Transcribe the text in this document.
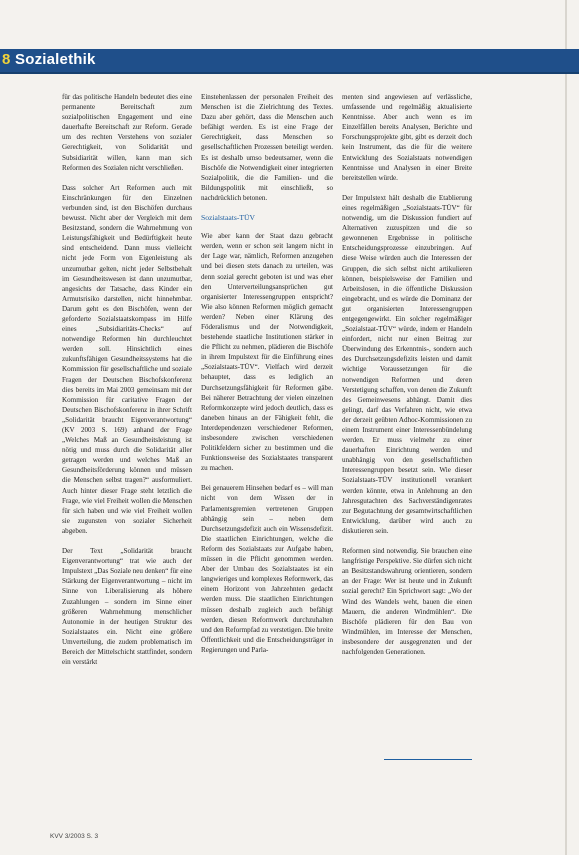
8 Sozialethik

für das politische Handeln bedeutet dies eine permanente Bereitschaft zum sozialpolitischen Engagement und eine dauerhafte Bereitschaft zur Reform. Gerade um des rechten Verstehens von sozialer Gerechtigkeit, von Solidarität und Subsidiarität willen, kann man sich Reformen des Sozialen nicht verschließen.

Dass solcher Art Reformen auch mit Einschränkungen für den Einzelnen verbunden sind, ist den Bischöfen durchaus bewusst. Nicht aber der Vergleich mit dem Besitzstand, sondern die Wahrnehmung von Leistungsfähigkeit und Bedürftigkeit heute sind entscheidend. Dann muss vielleicht nicht jede Form von Eigenleistung als unzumutbar gelten, nicht jeder Selbstbehalt im Gesundheitswesen ist dann unzumutbar, angesichts der Tatsache, dass Kinder ein Armutsrisiko darstellen, nicht hinnehmbar. Darum geht es den Bischöfen, wenn der geforderte Sozialstaatskompass im Hilfe eines „Subsidiaritäts-Checks“ auf notwendige Reformen hin durchleuchtet werden soll. Hinsichtlich eines zukunftsfähigen Gesundheitssystems hat die Kommission für gesellschaftliche und soziale Fragen der Deutschen Bischofskonferenz dies bereits im Mai 2003 gemeinsam mit der Kommission für caritative Fragen der Deutschen Bischofskonferenz in ihrer Schrift „Solidarität braucht Eigenverantwortung“ (KV 2003 S. 169) anhand der Frage „Welches Maß an Gesundheitsleistung ist nötig und muss durch die Solidarität aller getragen werden und welches Maß an Gesundheitsförderung können und müssen die Menschen selbst tragen?“ ausformuliert. Auch hinter dieser Frage steht letztlich die Frage, wie viel Freiheit wollen die Menschen für sich haben und wie viel Freiheit wollen sie zugunsten von sozialer Sicherheit abgeben.

Der Text „Solidarität braucht Eigenverantwortung“ trat wie auch der Impulstext „Das Soziale neu denken“ für eine Stärkung der Eigenverantwortung – nicht im Sinne von Liberalisierung als höhere Zuzahlungen – sondern im Sinne einer größeren Wahrnehmung menschlicher Autonomie in der heutigen Struktur des Sozialstaates ein. Nicht eine größere Umverteilung, die zudem problematisch im Bereich der Mittelschicht stattfindet, sondern ein verstärkt

Einstehenlassen der personalen Freiheit des Menschen ist die Zielrichtung des Textes. Dazu aber gehört, dass die Menschen auch befähigt werden. Es ist eine Frage der Gerechtigkeit, dass Menschen so gesellschaftlichen Prozessen beteiligt werden. Es ist deshalb umso bedeutsamer, wenn die Bischöfe die Notwendigkeit einer integrierten Sozialpolitik, die die Familien- und die Bildungspolitik mit einschließt, so nachdrücklich betonen.

Sozialstaats-TÜV

Wie aber kann der Staat dazu gebracht werden, wenn er schon seit langem nicht in der Lage war, nämlich, Reformen anzugehen und bei diesen stets danach zu urteilen, was denn sozial gerecht geboten ist und was eher den Unterverteilungsansprüchen gut organisierter Interessengruppen entspricht? Wie also können Reformen möglich gemacht werden? Neben einer Klärung des Föderalismus und der Notwendigkeit, bestehende staatliche Institutionen stärker in die Pflicht zu nehmen, plädieren die Bischöfe in ihrem Impulstext für die Einführung eines „Sozialstaats-TÜV“. Vielfach wird derzeit behauptet, dass es lediglich an Durchsetzungsfähigkeit für Reformen gäbe. Bei näherer Betrachtung der vielen einzelnen Reformkonzepte wird jedoch deutlich, dass es daneben hinaus an der Fähigkeit fehlt, die Interdependenzen verschiedener Reformen, insbesondere zwischen verschiedenen Politikfeldern sicher zu bestimmen und die Funktionsweise des Sozialstaates transparent zu machen.

Bei genauerem Hinsehen bedarf es – will man nicht von dem Wissen der in Parlamentsgremien vertretenen Gruppen abhängig sein – neben dem Durchsetzungsdefizit auch ein Wissensdefizit. Die staatlichen Einrichtungen, welche die Reform des Sozialstaats zur Aufgabe haben, müssen in die Pflicht genommen werden. Aber der Umbau des Sozialstaates ist ein langwieriges und komplexes Reformwerk, das einem Horizont von Jahrzehnten gedacht werden muss. Die staatlichen Einrichtungen müssen deshalb zugleich auch befähigt werden, diesen Reformwerk durchzuhalten und den Reformpfad zu verstetigen. Die breite Öffentlichkeit und die Entscheidungsträger in Regierungen und Parla-

menten sind angewiesen auf verlässliche, umfassende und regelmäßig aktualisierte Kenntnisse. Aber auch wenn es im Einzelfällen bereits Analysen, Berichte und Forschungsprojekte gibt, gibt es derzeit doch kein Instrument, das die für die weitere Entwicklung des Sozialstaats notwendigen Kenntnisse und Analysen in einer Breite bereitstellen würde.

Der Impulstext hält deshalb die Etablierung eines regelmäßigen „Sozialstaats-TÜV“ für notwendig, um die Diskussion fundiert auf Alternativen zuzuspitzen und die so gewonnenen Ergebnisse in politische Entscheidungsprozesse einzubringen. Auf diese Weise würden auch die Interessen der Gruppen, die sich selbst nicht artikulieren können, beispielsweise der Familien und Arbeitslosen, in die öffentliche Diskussion eingebracht, und es würde die Dominanz der gut organisierten Interessengruppen entgegengewirkt. Ein solcher regelmäßiger „Sozialstaat-TÜV“ würde, indem er Handeln einfordert, nicht nur einen Beitrag zur Überwindung des Erkenntnis-, sondern auch des Durchsetzungsdefizits leisten und damit wichtige Voraussetzungen für die notwendigen Reformen und deren Verstetigung schaffen, von denen die Zukunft des Gemeinwesens abhängt. Damit dies gelingt, darf das Verfahren nicht, wie etwa der derzeit geübten Adhoc-Kommissionen zu einem Instrument einer Interessenbündelung werden. Er muss vielmehr zu einer dauerhaften Einrichtung werden und unabhängig von den gesellschaftlichen Interessengruppen besetzt sein. Wie dieser Sozialstaats-TÜV institutionell verankert werden könnte, etwa in Anlehnung an den Jahresgutachten des Sachverständigenrates zur Begutachtung der gesamtwirtschaftlichen Entwicklung, darüber wird auch zu diskutieren sein.

Reformen sind notwendig. Sie brauchen eine langfristige Perspektive. Sie dürfen sich nicht an Besitzstandswahrung orientieren, sondern an der Frage: Wer ist heute und in Zukunft sozial gerecht? Ein Sprichwort sagt: „Wo der Wind des Wandels weht, bauen die einen Mauern, die anderen Windmühlen“. Die Bischöfe plädieren für den Bau von Windmühlen, im Interesse der Menschen, insbesondere der ausgegrenzten und der nachfolgenden Generationen.

KVV 3/2003 S. 3
